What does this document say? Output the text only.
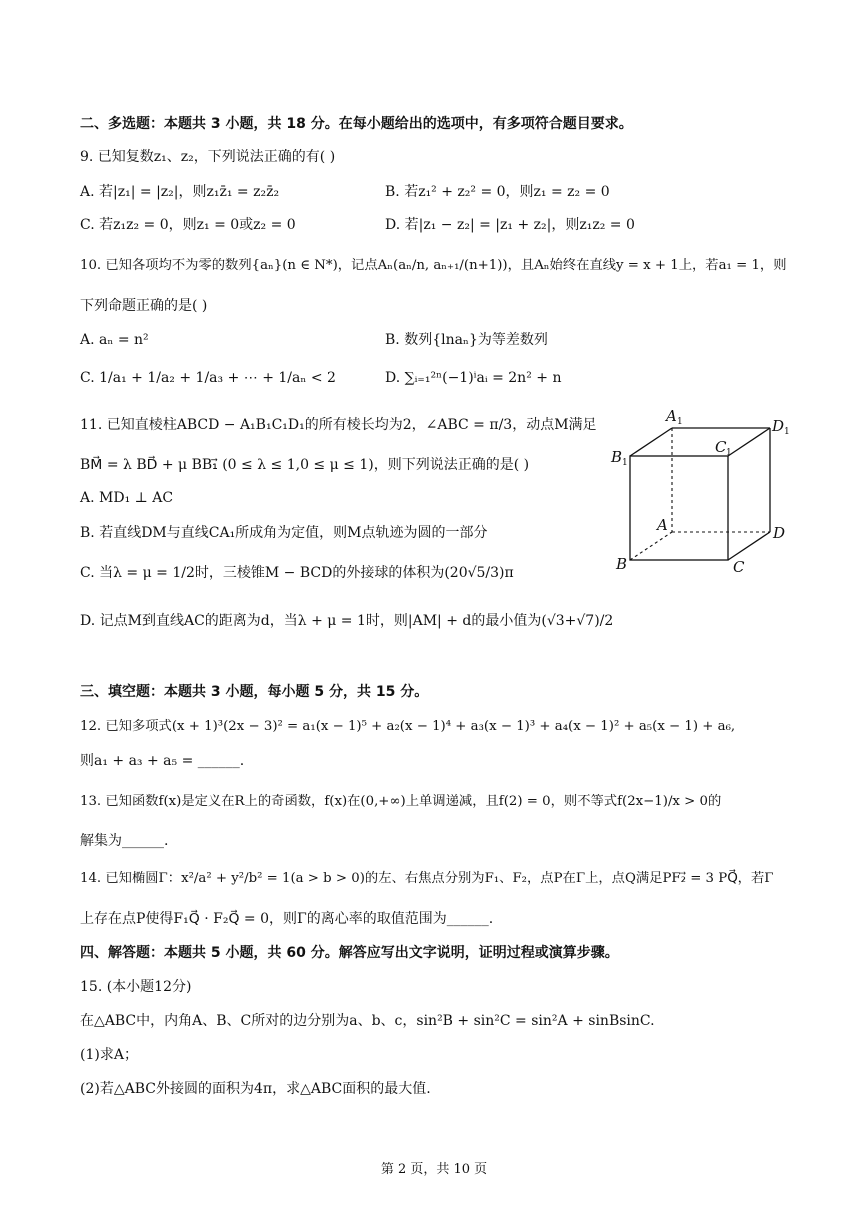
二、多选题：本题共 3 小题，共 18 分。在每小题给出的选项中，有多项符合题目要求。
9. 已知复数z₁、z₂，下列说法正确的有( )
A. 若|z₁| = |z₂|，则z₁z̄₁ = z₂z̄₂	B. 若z₁² + z₂² = 0，则z₁ = z₂ = 0
C. 若z₁z₂ = 0，则z₁ = 0或z₂ = 0	D. 若|z₁ − z₂| = |z₁ + z₂|，则z₁z₂ = 0
10. 已知各项均不为零的数列{aₙ}(n ∈ N*)，记点Aₙ(aₙ/n, aₙ₊₁/(n+1))，且Aₙ始终在直线y = x + 1上，若a₁ = 1，则
下列命题正确的是( )
A. aₙ = n²	B. 数列{lnaₙ}为等差数列
C. 1/a₁ + 1/a₂ + 1/a₃ + ⋯ + 1/aₙ < 2	D. ∑ᵢ₌₁²ⁿ(−1)ⁱaᵢ = 2n² + n
11. 已知直棱柱ABCD − A₁B₁C₁D₁的所有棱长均为2，∠ABC = π/3，动点M满足
BM⃗ = λ BD⃗ + μ BB₁⃗ (0 ≤ λ ≤ 1,0 ≤ μ ≤ 1)，则下列说法正确的是( )
A. MD₁ ⊥ AC
B. 若直线DM与直线CA₁所成角为定值，则M点轨迹为圆的一部分
C. 当λ = μ = 1/2时，三棱锥M − BCD的外接球的体积为(20√5/3)π
D. 记点M到直线AC的距离为d，当λ + μ = 1时，则|AM| + d的最小值为(√3+√7)/2
A 1	D 1
B 1
C 1
A	D
B	C
三、填空题：本题共 3 小题，每小题 5 分，共 15 分。
12. 已知多项式(x + 1)³(2x − 3)² = a₁(x − 1)⁵ + a₂(x − 1)⁴ + a₃(x − 1)³ + a₄(x − 1)² + a₅(x − 1) + a₆,
则a₁ + a₃ + a₅ = ______.
13. 已知函数f(x)是定义在R上的奇函数，f(x)在(0,+∞)上单调递减，且f(2) = 0，则不等式f(2x−1)/x > 0的
解集为______.
14. 已知椭圆Γ：x²/a² + y²/b² = 1(a > b > 0)的左、右焦点分别为F₁、F₂，点P在Γ上，点Q满足PF₂⃗ = 3 PQ⃗，若Γ
上存在点P使得F₁Q⃗ · F₂Q⃗ = 0，则Γ的离心率的取值范围为______.
四、解答题：本题共 5 小题，共 60 分。解答应写出文字说明，证明过程或演算步骤。
15. (本小题12分)
在△ABC中，内角A、B、C所对的边分别为a、b、c，sin²B + sin²C = sin²A + sinBsinC.
(1)求A；
(2)若△ABC外接圆的面积为4π，求△ABC面积的最大值.
第 2 页，共 10 页
